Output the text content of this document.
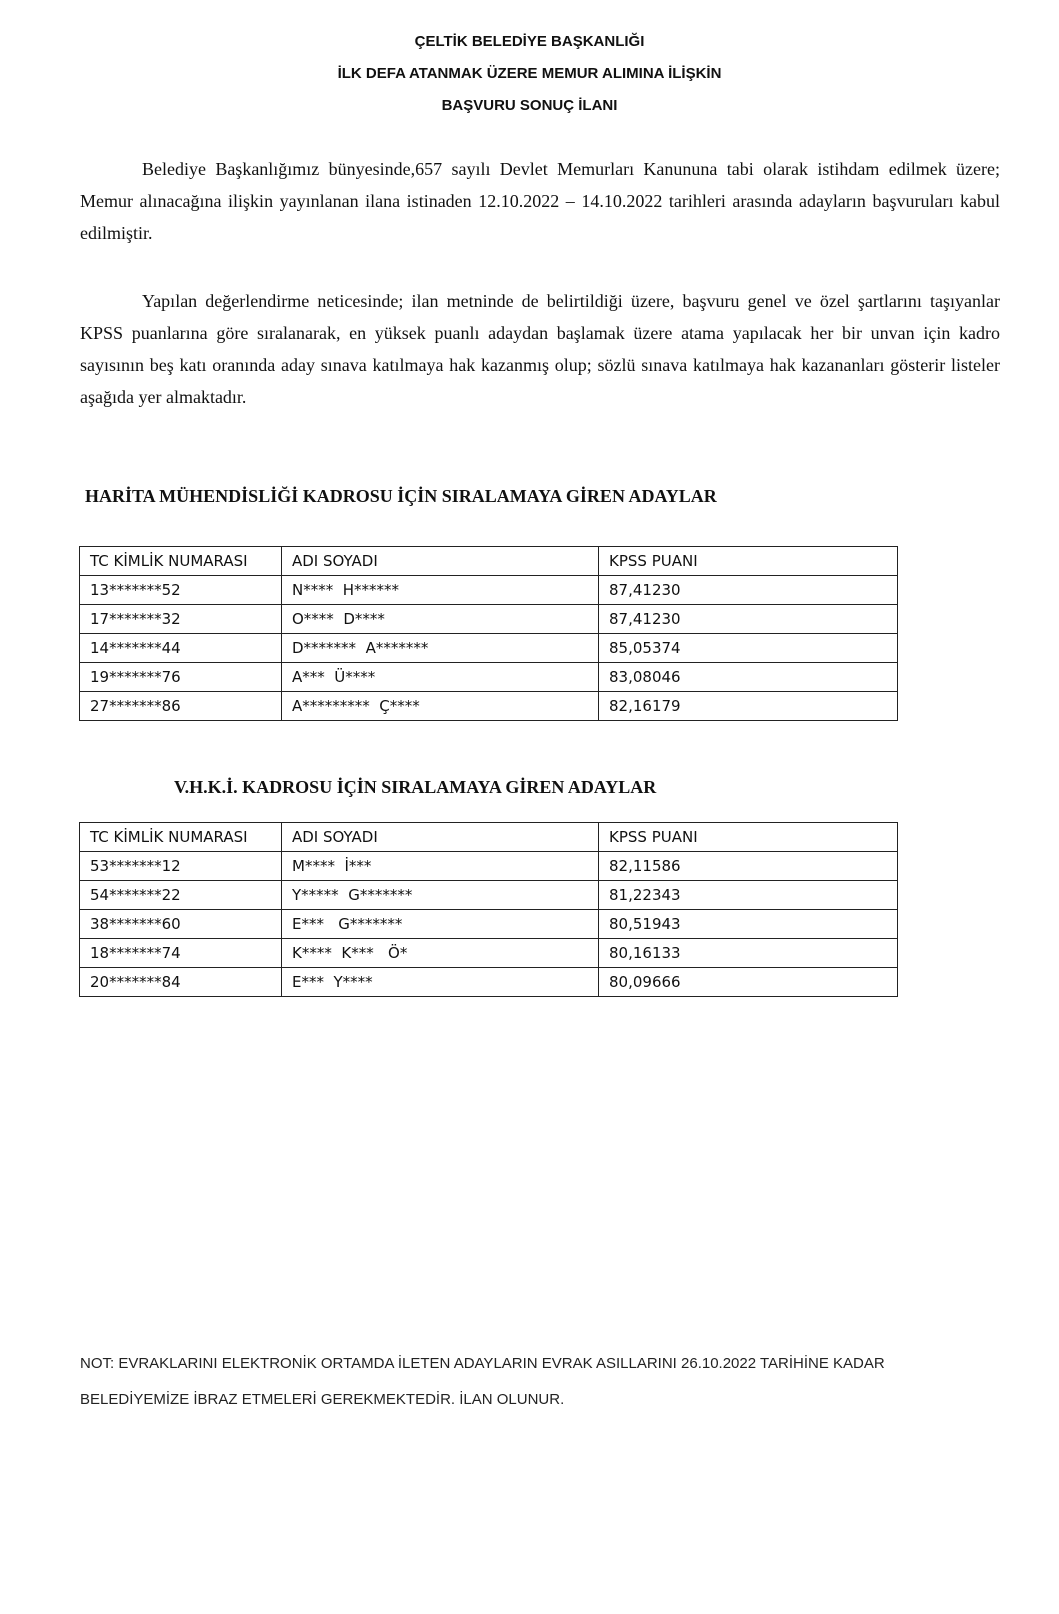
ÇELTİK BELEDİYE BAŞKANLIĞI
İLK DEFA ATANMAK ÜZERE MEMUR ALIMINA İLİŞKİN
BAŞVURU SONUÇ İLANI

Belediye Başkanlığımız bünyesinde,657 sayılı Devlet Memurları Kanununa tabi olarak istihdam edilmek üzere; Memur alınacağına ilişkin yayınlanan ilana istinaden 12.10.2022 – 14.10.2022 tarihleri arasında adayların başvuruları kabul edilmiştir.

Yapılan değerlendirme neticesinde; ilan metninde de belirtildiği üzere, başvuru genel ve özel şartlarını taşıyanlar KPSS puanlarına göre sıralanarak, en yüksek puanlı adaydan başlamak üzere atama yapılacak her bir unvan için kadro sayısının beş katı oranında aday sınava katılmaya hak kazanmış olup; sözlü sınava katılmaya hak kazananları gösterir listeler aşağıda yer almaktadır.

HARİTA MÜHENDİSLİĞİ KADROSU İÇİN SIRALAMAYA GİREN ADAYLAR
TC KİMLİK NUMARASI	ADI SOYADI	KPSS PUANI
13*******52	N****  H******	87,41230
17*******32	O****  D****	87,41230
14*******44	D*******  A*******	85,05374
19*******76	A***  Ü****	83,08046
27*******86	A*********  Ç****	82,16179
V.H.K.İ. KADROSU İÇİN SIRALAMAYA GİREN ADAYLAR
TC KİMLİK NUMARASI	ADI SOYADI	KPSS PUANI
53*******12	M****  İ***	82,11586
54*******22	Y*****  G*******	81,22343
38*******60	E***   G*******	80,51943
18*******74	K****  K***   Ö*	80,16133
20*******84	E***  Y****	80,09666

NOT: EVRAKLARINI ELEKTRONİK ORTAMDA İLETEN ADAYLARIN EVRAK ASILLARINI 26.10.2022 TARİHİNE KADAR
BELEDİYEMİZE İBRAZ ETMELERİ GEREKMEKTEDİR. İLAN OLUNUR.
